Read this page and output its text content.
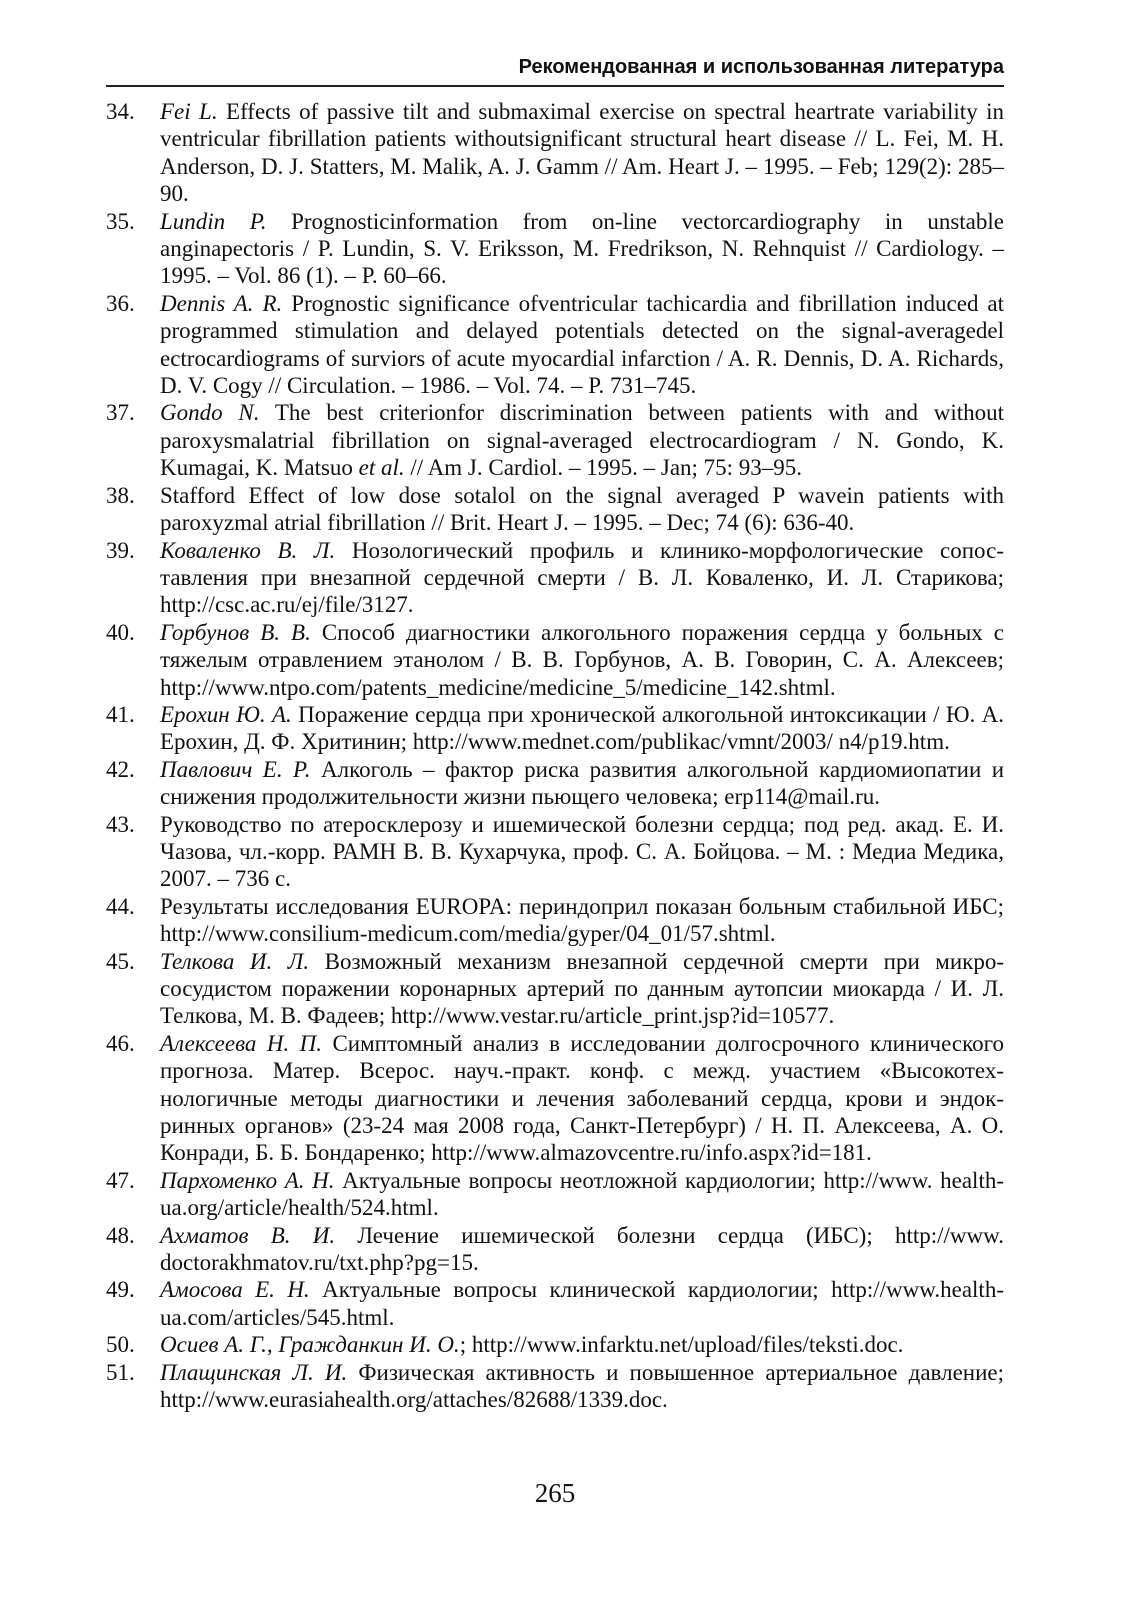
Рекомендованная и использованная литература
34.	Fei L. Effects of passive tilt and submaximal exercise on spectral heartrate variability in ventricular fibrillation patients withoutsignificant structural heart disease // L. Fei, M. H. Anderson, D. J. Statters, M. Malik, A. J. Gamm // Am. Heart J. – 1995. – Feb; 129(2): 285–90.
35.	Lundin P. Prognosticinformation from on-line vectorcardiography in unstable anginapectoris / P. Lundin, S. V. Eriksson, M. Fredrikson, N. Rehnquist // Cardiology. – 1995. – Vol. 86 (1). – P. 60–66.
36.	Dennis A. R. Prognostic significance ofventricular tachicardia and fibrillation induced at programmed stimulation and delayed potentials detected on the signal-averagedel ectrocardiograms of surviors of acute myocardial infarction / A. R. Dennis, D. A. Richards, D. V. Cogy // Circulation. – 1986. – Vol. 74. – P. 731–745.
37.	Gondo N. The best criterionfor discrimination between patients with and without paroxysmalatrial fibrillation on signal-averaged electrocardiogram / N. Gondo, K. Kumagai, K. Matsuo et al. // Am J. Cardiol. – 1995. – Jan; 75: 93–95.
38.	Stafford Effect of low dose sotalol on the signal averaged P wavein patients with paroxyzmal atrial fibrillation // Brit. Heart J. – 1995. – Dec; 74 (6): 636-40.
39.	Коваленко В. Л. Нозологический профиль и клинико-морфологические сопоставления при внезапной сердечной смерти / В. Л. Коваленко, И. Л. Старикова; http://csc.ac.ru/ej/file/3127.
40.	Горбунов В. В. Способ диагностики алкогольного поражения сердца у больных с тяжелым отравлением этанолом / В. В. Горбунов, А. В. Говорин, С. А. Алексеев; http://www.ntpo.com/patents_medicine/medicine_5/medicine_142.shtml.
41.	Ерохин Ю. А. Поражение сердца при хронической алкогольной интоксикации / Ю. А. Ерохин, Д. Ф. Хритинин; http://www.mednet.com/publikac/vmnt/2003/ n4/p19.htm.
42.	Павлович Е. Р. Алкоголь – фактор риска развития алкогольной кардиомиопатии и снижения продолжительности жизни пьющего человека; erp114@mail.ru.
43.	Руководство по атеросклерозу и ишемической болезни сердца; под ред. акад. Е. И. Чазова, чл.-корр. РАМН В. В. Кухарчука, проф. С. А. Бойцова. – М. : Медиа Медика, 2007. – 736 с.
44.	Результаты исследования EUROPA: периндоприл показан больным стабильной ИБС; http://www.consilium-medicum.com/media/gyper/04_01/57.shtml.
45.	Телкова И. Л. Возможный механизм внезапной сердечной смерти при микрососудистом поражении коронарных артерий по данным аутопсии миокарда / И. Л. Телкова, М. В. Фадеев; http://www.vestar.ru/article_print.jsp?id=10577.
46.	Алексеева Н. П. Симптомный анализ в исследовании долгосрочного клинического прогноза. Матер. Всерос. науч.-практ. конф. с межд. участием «Высокотехнологичные методы диагностики и лечения заболеваний сердца, крови и эндокринных органов» (23-24 мая 2008 года, Санкт-Петербург) / Н. П. Алексеева, А. О. Конради, Б. Б. Бондаренко; http://www.almazovcentre.ru/info.aspx?id=181.
47.	Пархоменко А. Н. Актуальные вопросы неотложной кардиологии; http://www. health-ua.org/article/health/524.html.
48.	Ахматов В. И. Лечение ишемической болезни сердца (ИБС); http://www. doctorakhmatov.ru/txt.php?pg=15.
49.	Амосова Е. Н. Актуальные вопросы клинической кардиологии; http://www.health-ua.com/articles/545.html.
50.	Осиев А. Г., Гражданкин И. О.; http://www.infarktu.net/upload/files/teksti.doc.
51.	Плащинская Л. И. Физическая активность и повышенное артериальное давление; http://www.eurasiahealth.org/attaches/82688/1339.doc.
265
